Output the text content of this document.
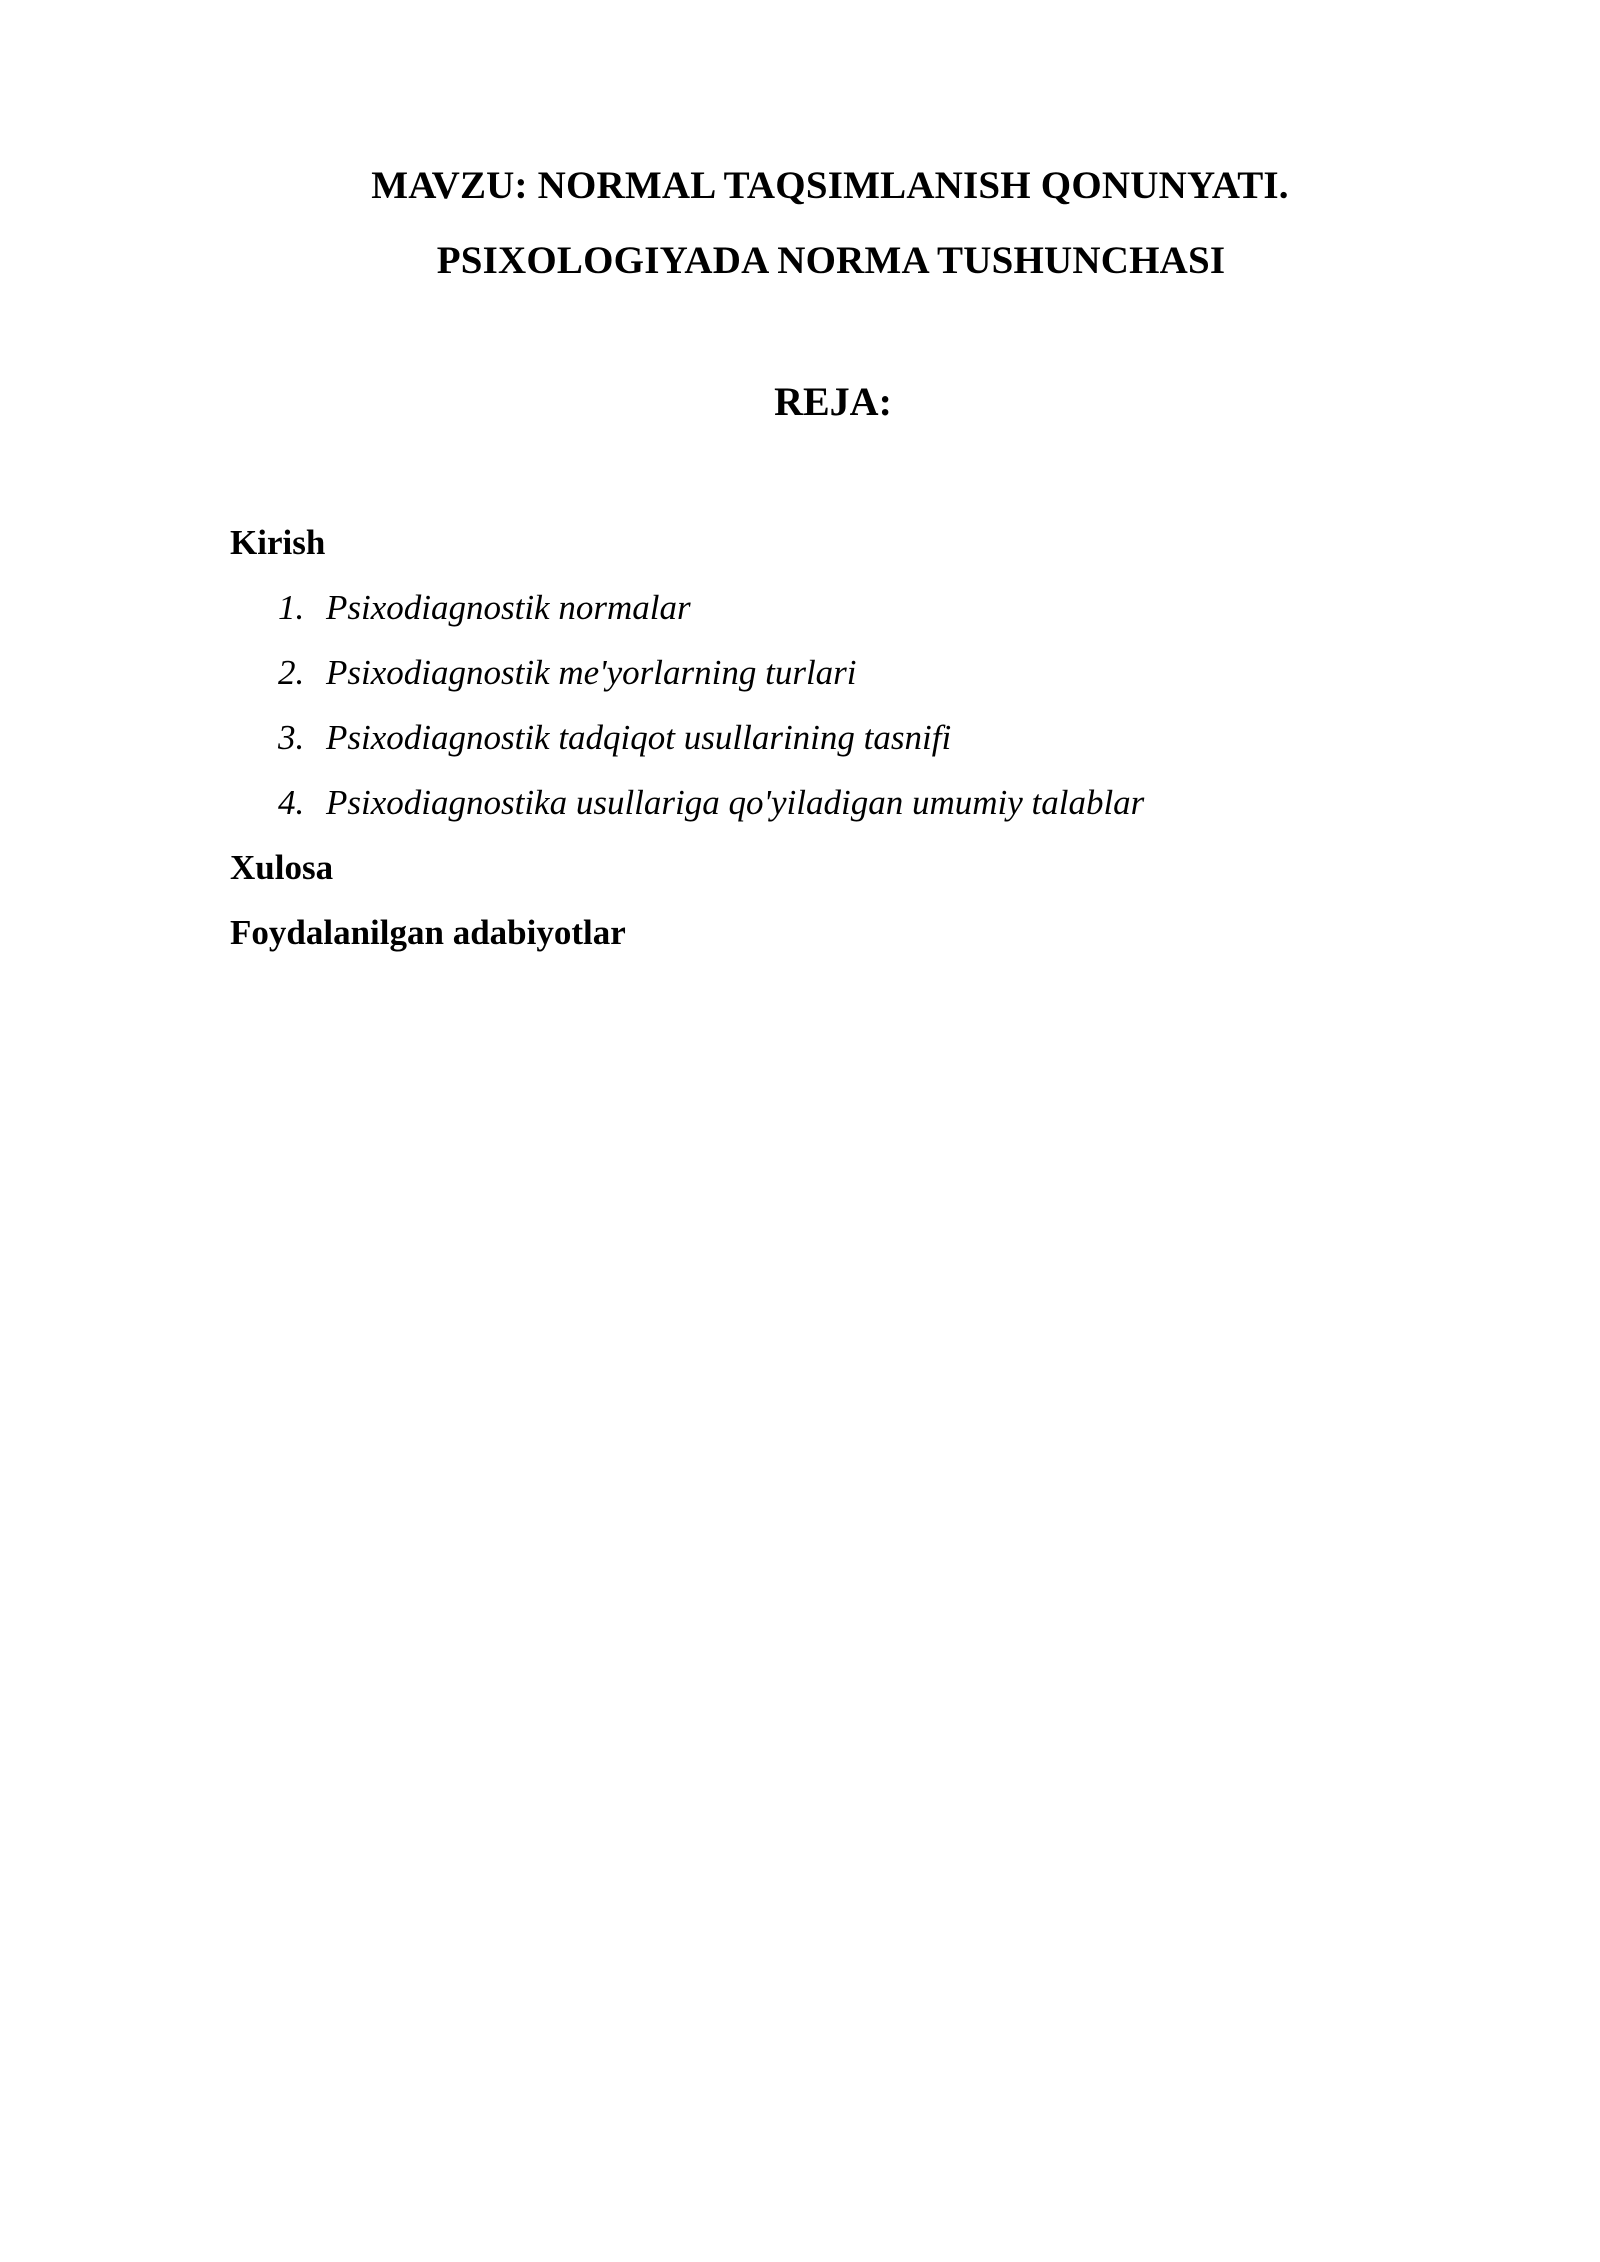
MAVZU: NORMAL TAQSIMLANISH QONUNYATI.
PSIXOLOGIYADA NORMA TUSHUNCHASI
REJA:
Kirish
1. Psixodiagnostik normalar
2. Psixodiagnostik me'yorlarning turlari
3. Psixodiagnostik tadqiqot usullarining tasnifi
4. Psixodiagnostika usullariga qo'yiladigan umumiy talablar
Xulosa
Foydalanilgan adabiyotlar
